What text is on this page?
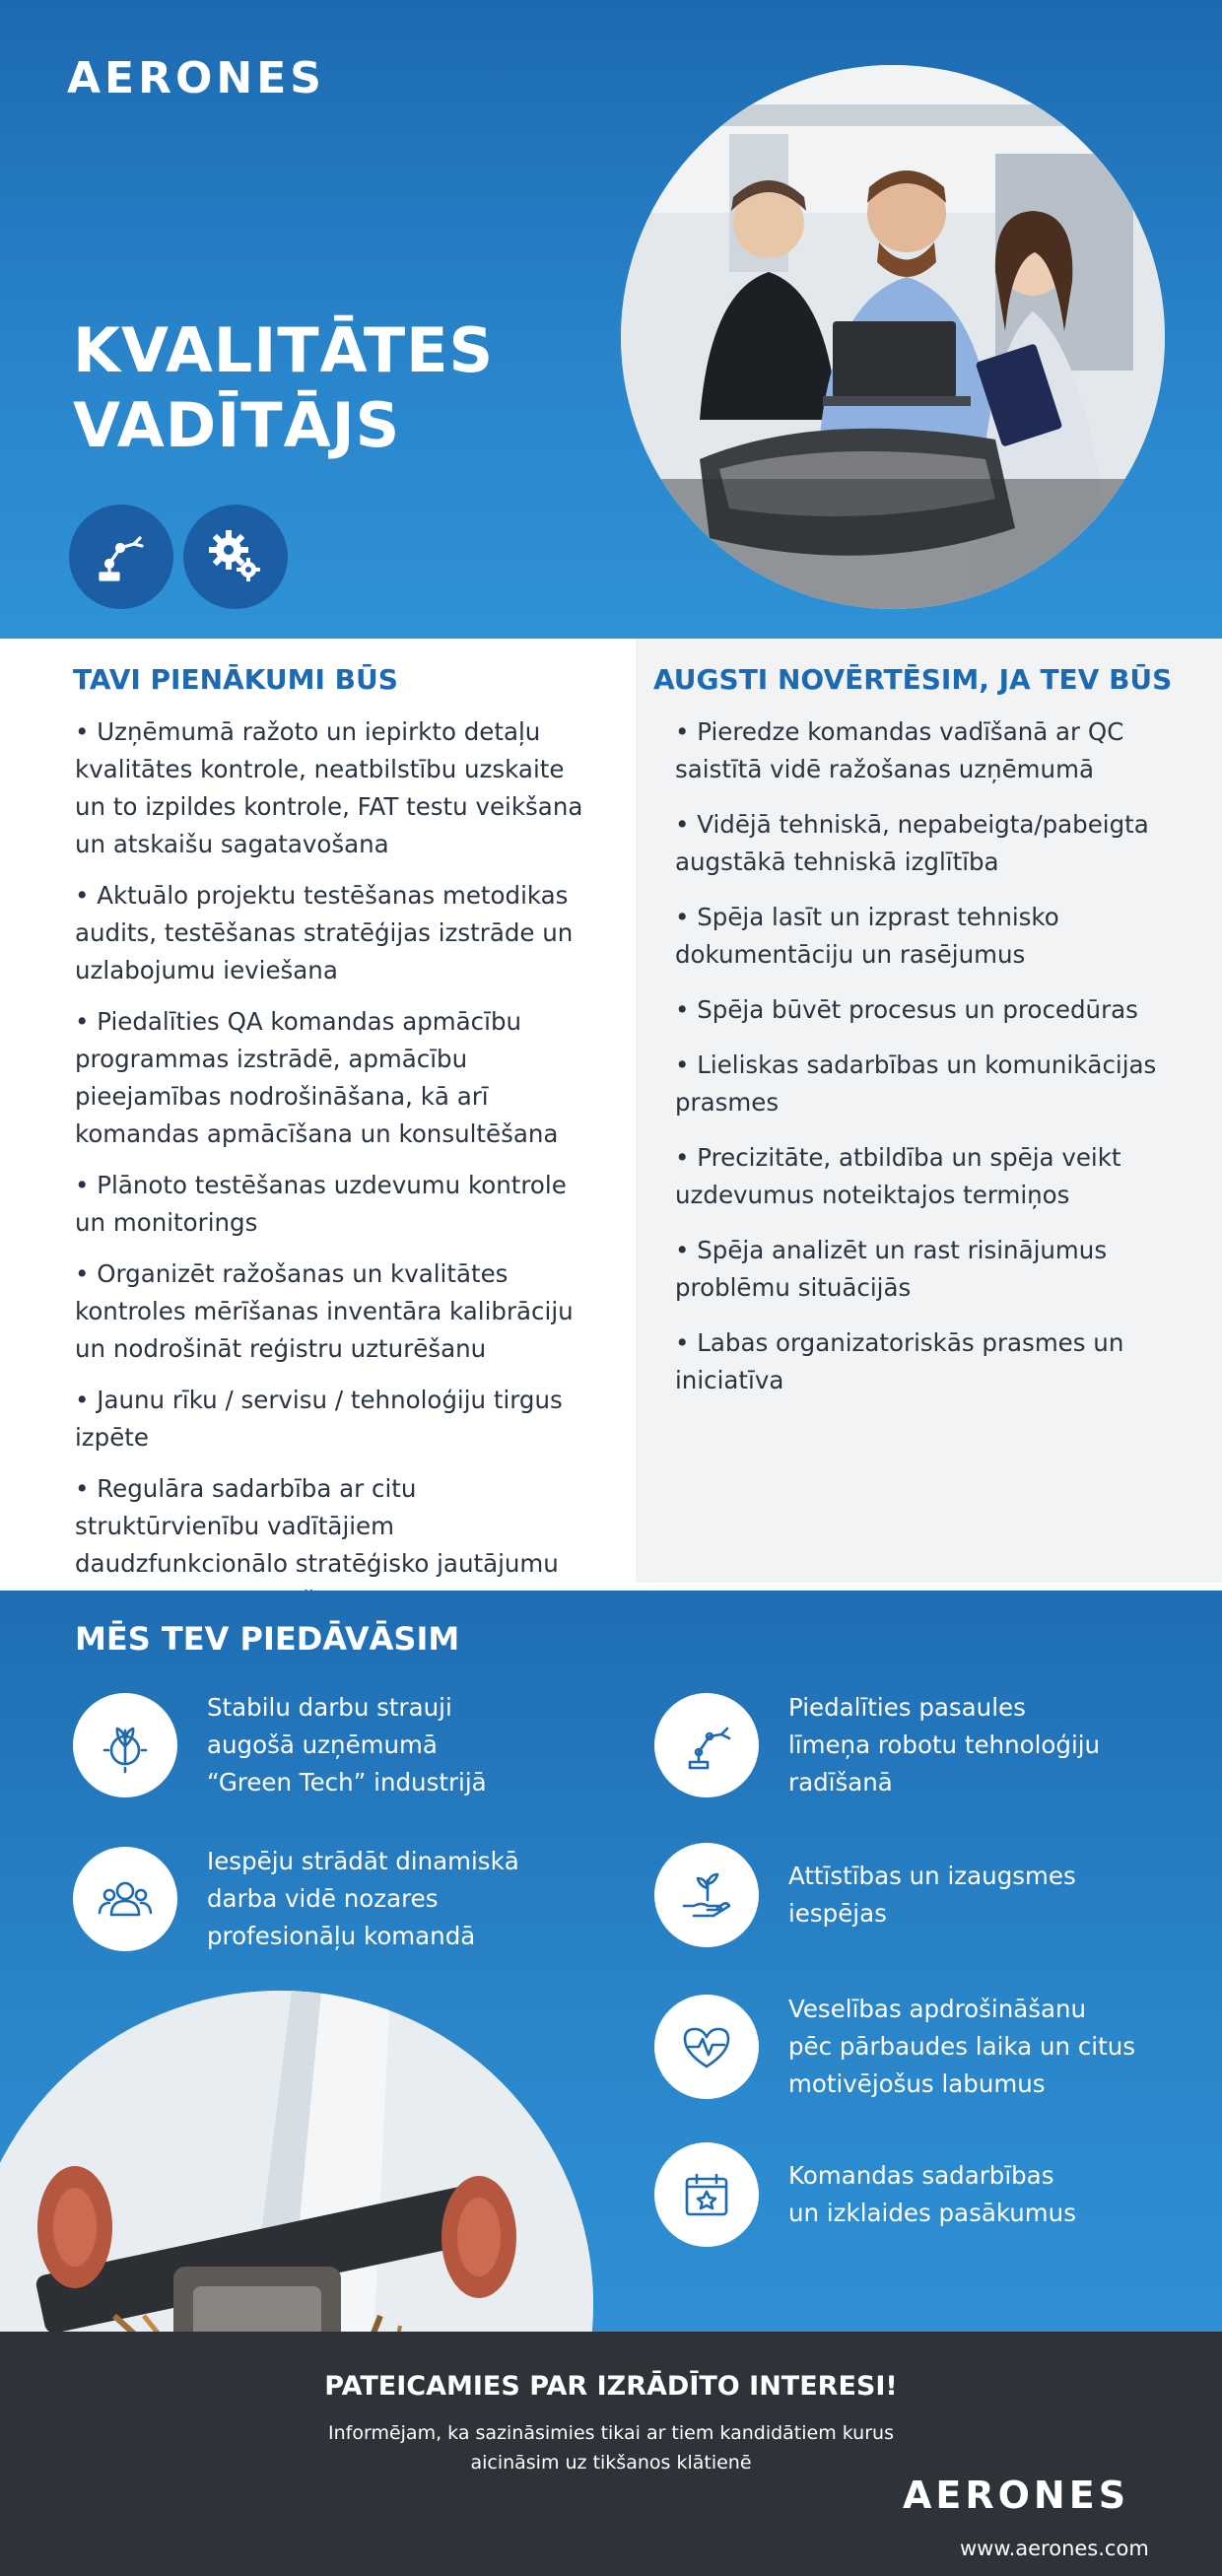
AERONES
KVALITĀTES
VADĪTĀJS
TAVI PIENĀKUMI BŪS

• Uzņēmumā ražoto un iepirkto detaļu kvalitātes kontrole, neatbilstību uzskaite un to izpildes kontrole, FAT testu veikšana un atskaišu sagatavošana

• Aktuālo projektu testēšanas metodikas audits, testēšanas stratēģijas izstrāde un uzlabojumu ieviešana

• Piedalīties QA komandas apmācību programmas izstrādē, apmācību pieejamības nodrošināšana, kā arī komandas apmācīšana un konsultēšana

• Plānoto testēšanas uzdevumu kontrole un monitorings

• Organizēt ražošanas un kvalitātes kontroles mērīšanas inventāra kalibrāciju un nodrošināt reģistru uzturēšanu

• Jaunu rīku / servisu / tehnoloģiju tirgus izpēte

• Regulāra sadarbība ar citu struktūrvienību vadītājiem daudzfunkcionālo stratēģisko jautājumu

AUGSTI NOVĒRTĒSIM, JA TEV BŪS

• Pieredze komandas vadīšanā ar QC saistītā vidē ražošanas uzņēmumā

• Vidējā tehniskā, nepabeigta/pabeigta augstākā tehniskā izglītība

• Spēja lasīt un izprast tehnisko dokumentāciju un rasējumus

• Spēja būvēt procesus un procedūras

• Lieliskas sadarbības un komunikācijas prasmes

• Precizitāte, atbildība un spēja veikt uzdevumus noteiktajos termiņos

• Spēja analizēt un rast risinājumus problēmu situācijās

• Labas organizatoriskās prasmes un iniciatīva

MĒS TEV PIEDĀVĀSIM
Stabilu darbu strauji
augošā uzņēmumā
“Green Tech” industrijā
Iespēju strādāt dinamiskā
darba vidē nozares
profesionāļu komandā
Piedalīties pasaules
līmeņa robotu tehnoloģiju
radīšanā
Attīstības un izaugsmes
iespējas
Veselības apdrošināšanu
pēc pārbaudes laika un citus
motivējošus labumus
Komandas sadarbības
un izklaides pasākumus
PATEICAMIES PAR IZRĀDĪTO INTERESI!

Informējam, ka sazināsimies tikai ar tiem kandidātiem kurus
aicināsim uz tikšanos klātienē

AERONES
www.aerones.com
